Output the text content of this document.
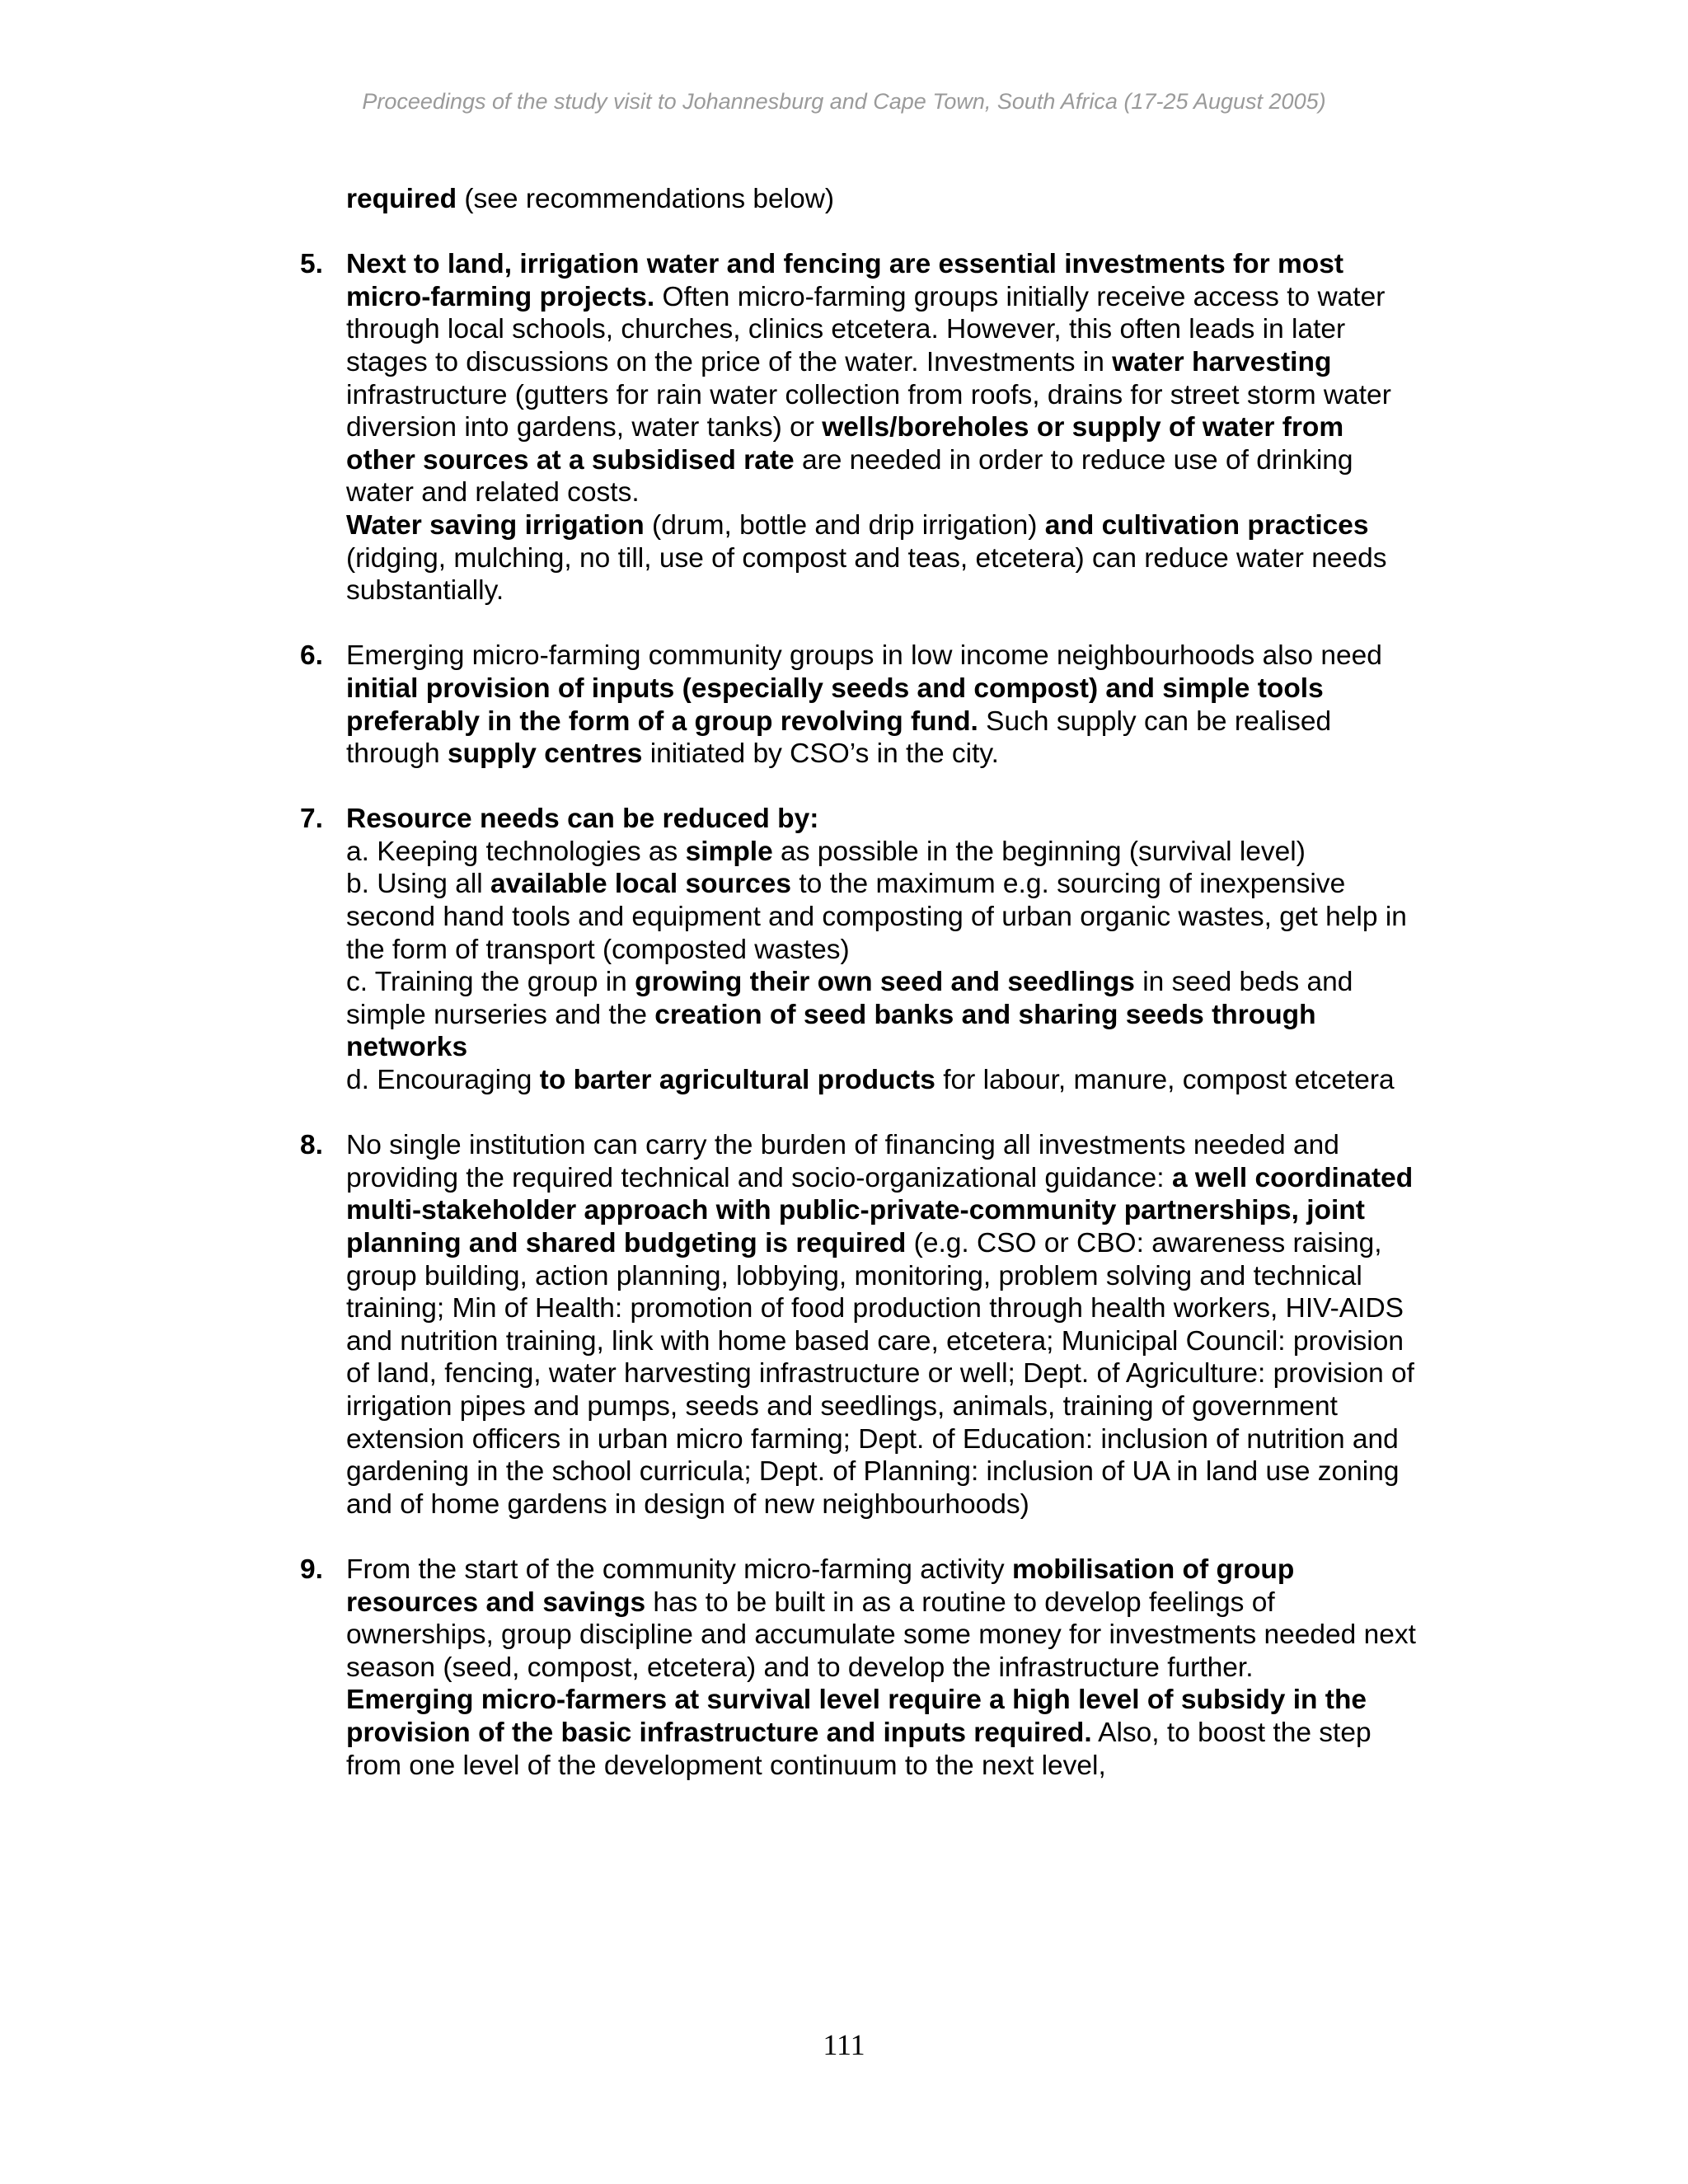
Proceedings of the study visit to Johannesburg and Cape Town, South Africa (17-25 August 2005)

required (see recommendations below)

5. Next to land, irrigation water and fencing are essential investments for most micro-farming projects. Often micro-farming groups initially receive access to water through local schools, churches, clinics etcetera. However, this often leads in later stages to discussions on the price of the water. Investments in water harvesting infrastructure (gutters for rain water collection from roofs, drains for street storm water diversion into gardens, water tanks) or wells/boreholes or supply of water from other sources at a subsidised rate are needed in order to reduce use of drinking water and related costs.

Water saving irrigation (drum, bottle and drip irrigation) and cultivation practices (ridging, mulching, no till, use of compost and teas, etcetera) can reduce water needs substantially.

6. Emerging micro-farming community groups in low income neighbourhoods also need initial provision of inputs (especially seeds and compost) and simple tools preferably in the form of a group revolving fund. Such supply can be realised through supply centres initiated by CSO’s in the city.

7. Resource needs can be reduced by:

a. Keeping technologies as simple as possible in the beginning (survival level)

b. Using all available local sources to the maximum e.g. sourcing of inexpensive second hand tools and equipment and composting of urban organic wastes, get help in the form of transport (composted wastes)

c. Training the group in growing their own seed and seedlings in seed beds and simple nurseries and the creation of seed banks and sharing seeds through networks

d. Encouraging to barter agricultural products for labour, manure, compost etcetera

8. No single institution can carry the burden of financing all investments needed and providing the required technical and socio-organizational guidance: a well coordinated multi-stakeholder approach with public-private-community partnerships, joint planning and shared budgeting is required (e.g. CSO or CBO: awareness raising, group building, action planning, lobbying, monitoring, problem solving and technical training; Min of Health: promotion of food production through health workers, HIV-AIDS and nutrition training, link with home based care, etcetera; Municipal Council: provision of land, fencing, water harvesting infrastructure or well; Dept. of Agriculture: provision of irrigation pipes and pumps, seeds and seedlings, animals, training of government extension officers in urban micro farming; Dept. of Education: inclusion of nutrition and gardening in the school curricula; Dept. of Planning: inclusion of UA in land use zoning and of home gardens in design of new neighbourhoods)

9. From the start of the community micro-farming activity mobilisation of group resources and savings has to be built in as a routine to develop feelings of ownerships, group discipline and accumulate some money for investments needed next season (seed, compost, etcetera) and to develop the infrastructure further.

Emerging micro-farmers at survival level require a high level of subsidy in the provision of the basic infrastructure and inputs required. Also, to boost the step from one level of the development continuum to the next level,

111
